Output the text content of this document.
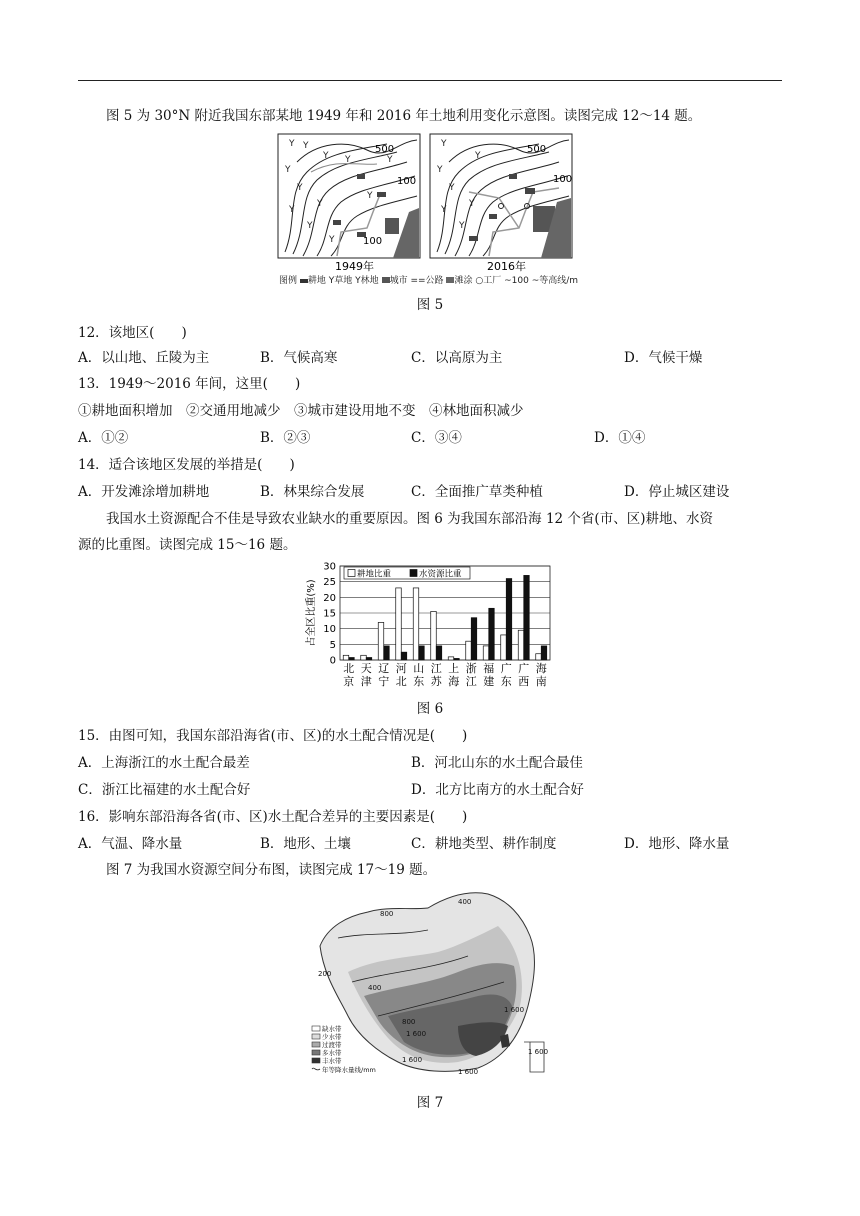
图 5 为 30°N 附近我国东部某地 1949 年和 2016 年土地利用变化示意图。读图完成 12～14 题。
500
100
100
Y Y
Y
Y
Y
Y
Y Y
Y
Y
Y
Y
1949年
500
100
Y
Y
Y
Y
Y
Y
Y
2016年
图例 耕地 Y草地 Y林地 城市 ==公路 滩涂 ○工厂 ~100 ~等高线/m
图 5
12．该地区(　　)
A．以山地、丘陵为主	B．气候高寒	C．以高原为主	D．气候干燥
13．1949～2016 年间，这里(　　)
①耕地面积增加　②交通用地减少　③城市建设用地不变　④林地面积减少
A．①②	B．②③	C．③④	D．①④
14．适合该地区发展的举措是(　　)
A．开发滩涂增加耕地	B．林果综合发展	C．全面推广草类种植	D．停止城区建设
我国水土资源配合不佳是导致农业缺水的重要原因。图 6 为我国东部沿海 12 个省(市、区)耕地、水资
源的比重图。读图完成 15～16 题。
0
5
10
15
20
25
30
占全区比重(%)
北
京
天
津
辽
宁
河
北
山
东
江
苏
上
海
浙
江
福
建
广
东
广
西
海
南
耕地比重	水资源比重
图 6
15．由图可知，我国东部沿海省(市、区)的水土配合情况是(　　)
A．上海浙江的水土配合最差	B．河北山东的水土配合最佳
C．浙江比福建的水土配合好	D．北方比南方的水土配合好
16．影响东部沿海各省(市、区)水土配合差异的主要因素是(　　)
A．气温、降水量	B．地形、土壤	C．耕地类型、耕作制度	D．地形、降水量
图 7 为我国水资源空间分布图，读图完成 17～19 题。
400
800
200
400
800
1 600
1 600
1 600
1 600
1 600
缺水带
少水带
过渡带
多水带
丰水带
年等降水量线/mm
图 7
